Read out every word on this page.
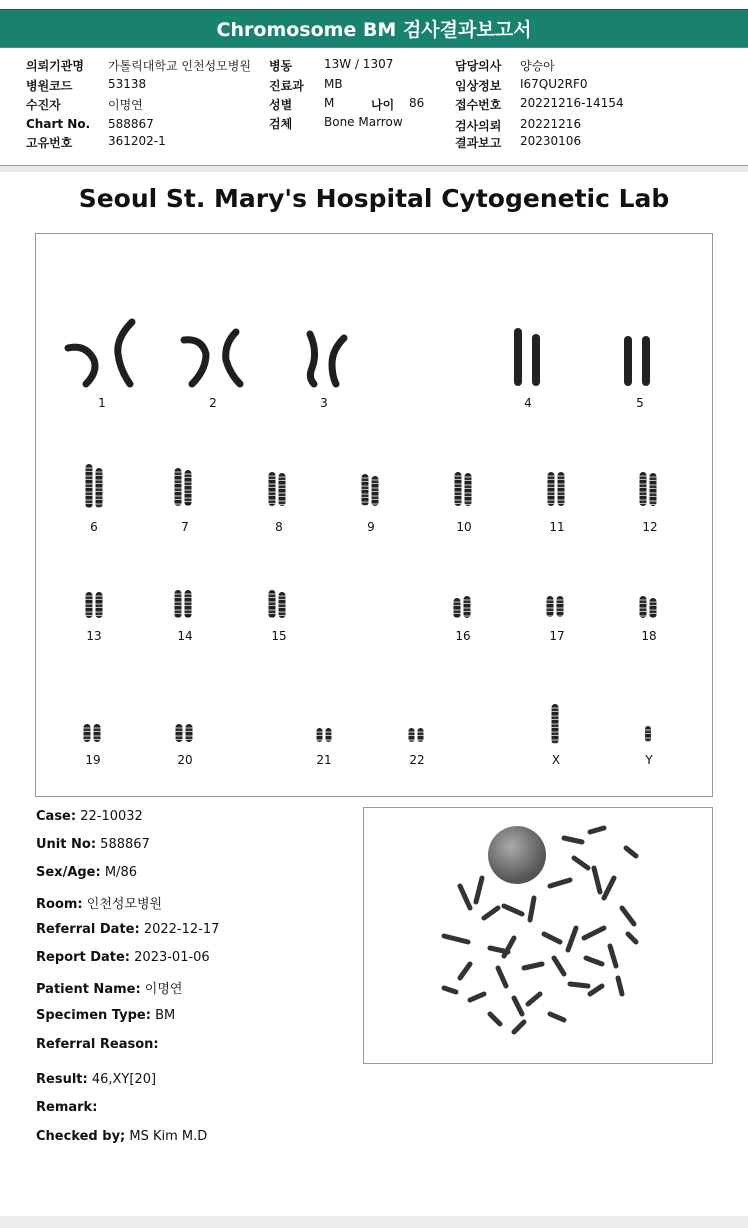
Chromosome BM 검사결과보고서
의뢰기관명 가톨릭대학교 인천성모병원
병원코드	53138
수진자	이명연
Chart No. 588867
고유번호	361202-1
병동	13W / 1307
진료과 MB
성별	M	나이 86
검체	Bone Marrow
담당의사 양승아
임상정보 I67QU2RF0
접수번호 20221216-14154
검사의뢰 20221216
결과보고 20230106
Seoul St. Mary's Hospital Cytogenetic Lab
1	2	3	4	5
6	7	8	9	10	11	12
13	14	15	16	17	18
19	20	21	22	X	Y
Case: 22-10032
Unit No: 588867
Sex/Age: M/86
Room: 인천성모병원
Referral Date: 2022-12-17
Report Date: 2023-01-06
Patient Name: 이명연
Specimen Type: BM
Referral Reason:
Result: 46,XY[20]
Remark:
Checked by; MS Kim M.D
